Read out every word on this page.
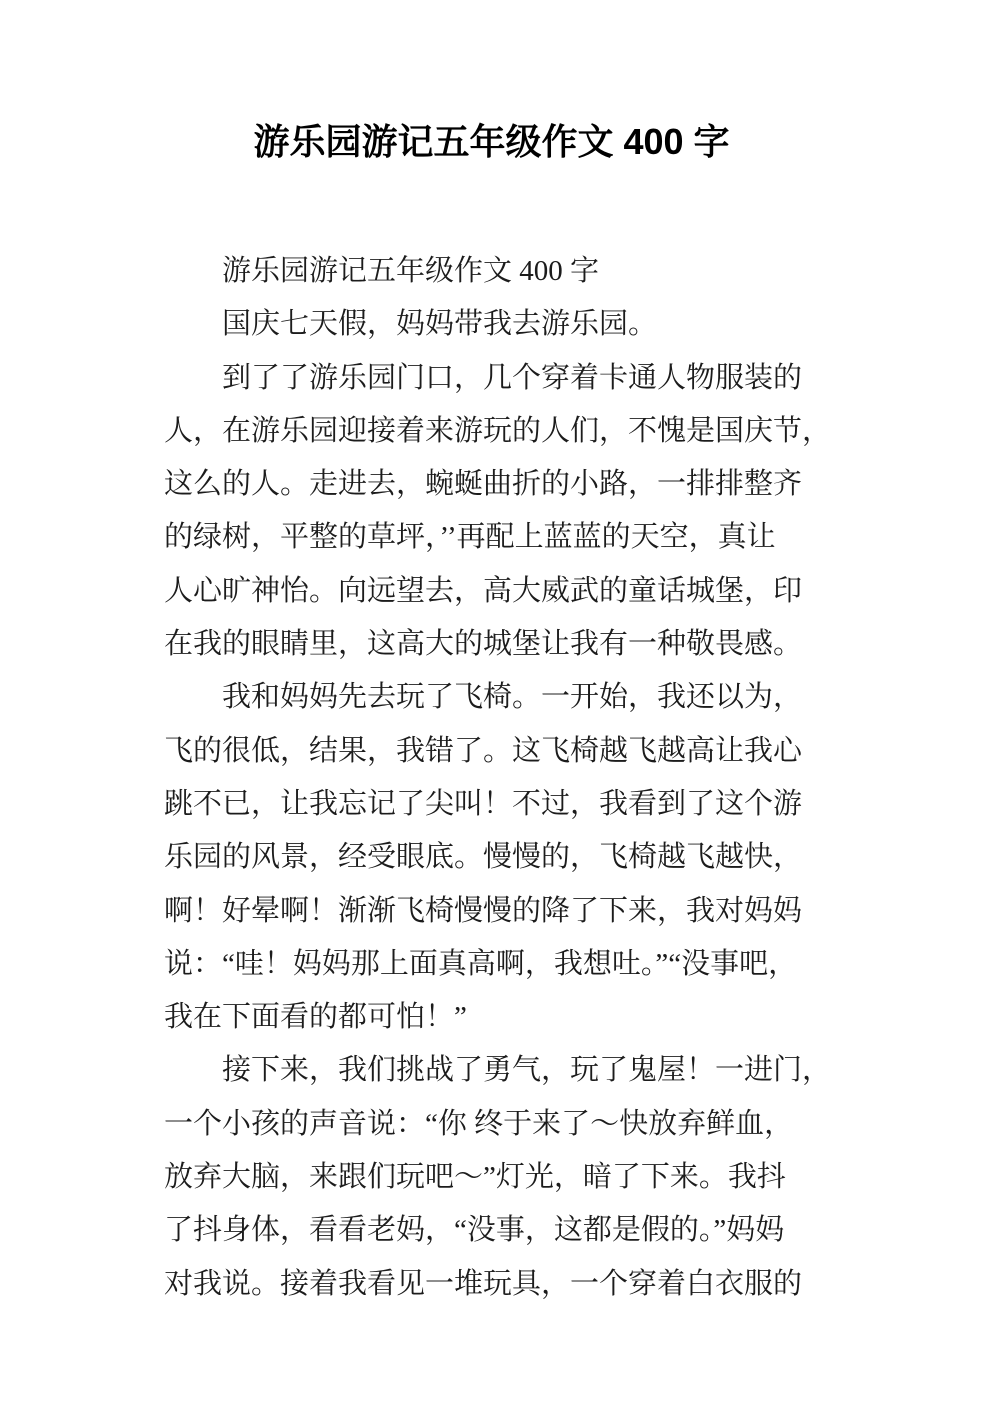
游乐园游记五年级作文 400 字
游乐园游记五年级作文 400 字
国庆七天假，妈妈带我去游乐园。
到了了游乐园门口，几个穿着卡通人物服装的
人，在游乐园迎接着来游玩的人们，不愧是国庆节，
这么的人。走进去，蜿蜒曲折的小路，一排排整齐
的绿树，平整的草坪，’’再配上蓝蓝的天空，真让
人心旷神怡。向远望去，高大威武的童话城堡，印
在我的眼睛里，这高大的城堡让我有一种敬畏感。
我和妈妈先去玩了飞椅。一开始，我还以为，
飞的很低，结果，我错了。这飞椅越飞越高让我心
跳不已，让我忘记了尖叫！不过，我看到了这个游
乐园的风景，经受眼底。慢慢的，飞椅越飞越快，
啊！好晕啊！渐渐飞椅慢慢的降了下来，我对妈妈
说：“哇！妈妈那上面真高啊，我想吐。”“没事吧，
我在下面看的都可怕！”
接下来，我们挑战了勇气，玩了鬼屋！一进门，
一个小孩的声音说：“你 终于来了～快放弃鲜血，
放弃大脑，来跟们玩吧～”灯光，暗了下来。我抖
了抖身体，看看老妈，“没事，这都是假的。”妈妈
对我说。接着我看见一堆玩具，一个穿着白衣服的
